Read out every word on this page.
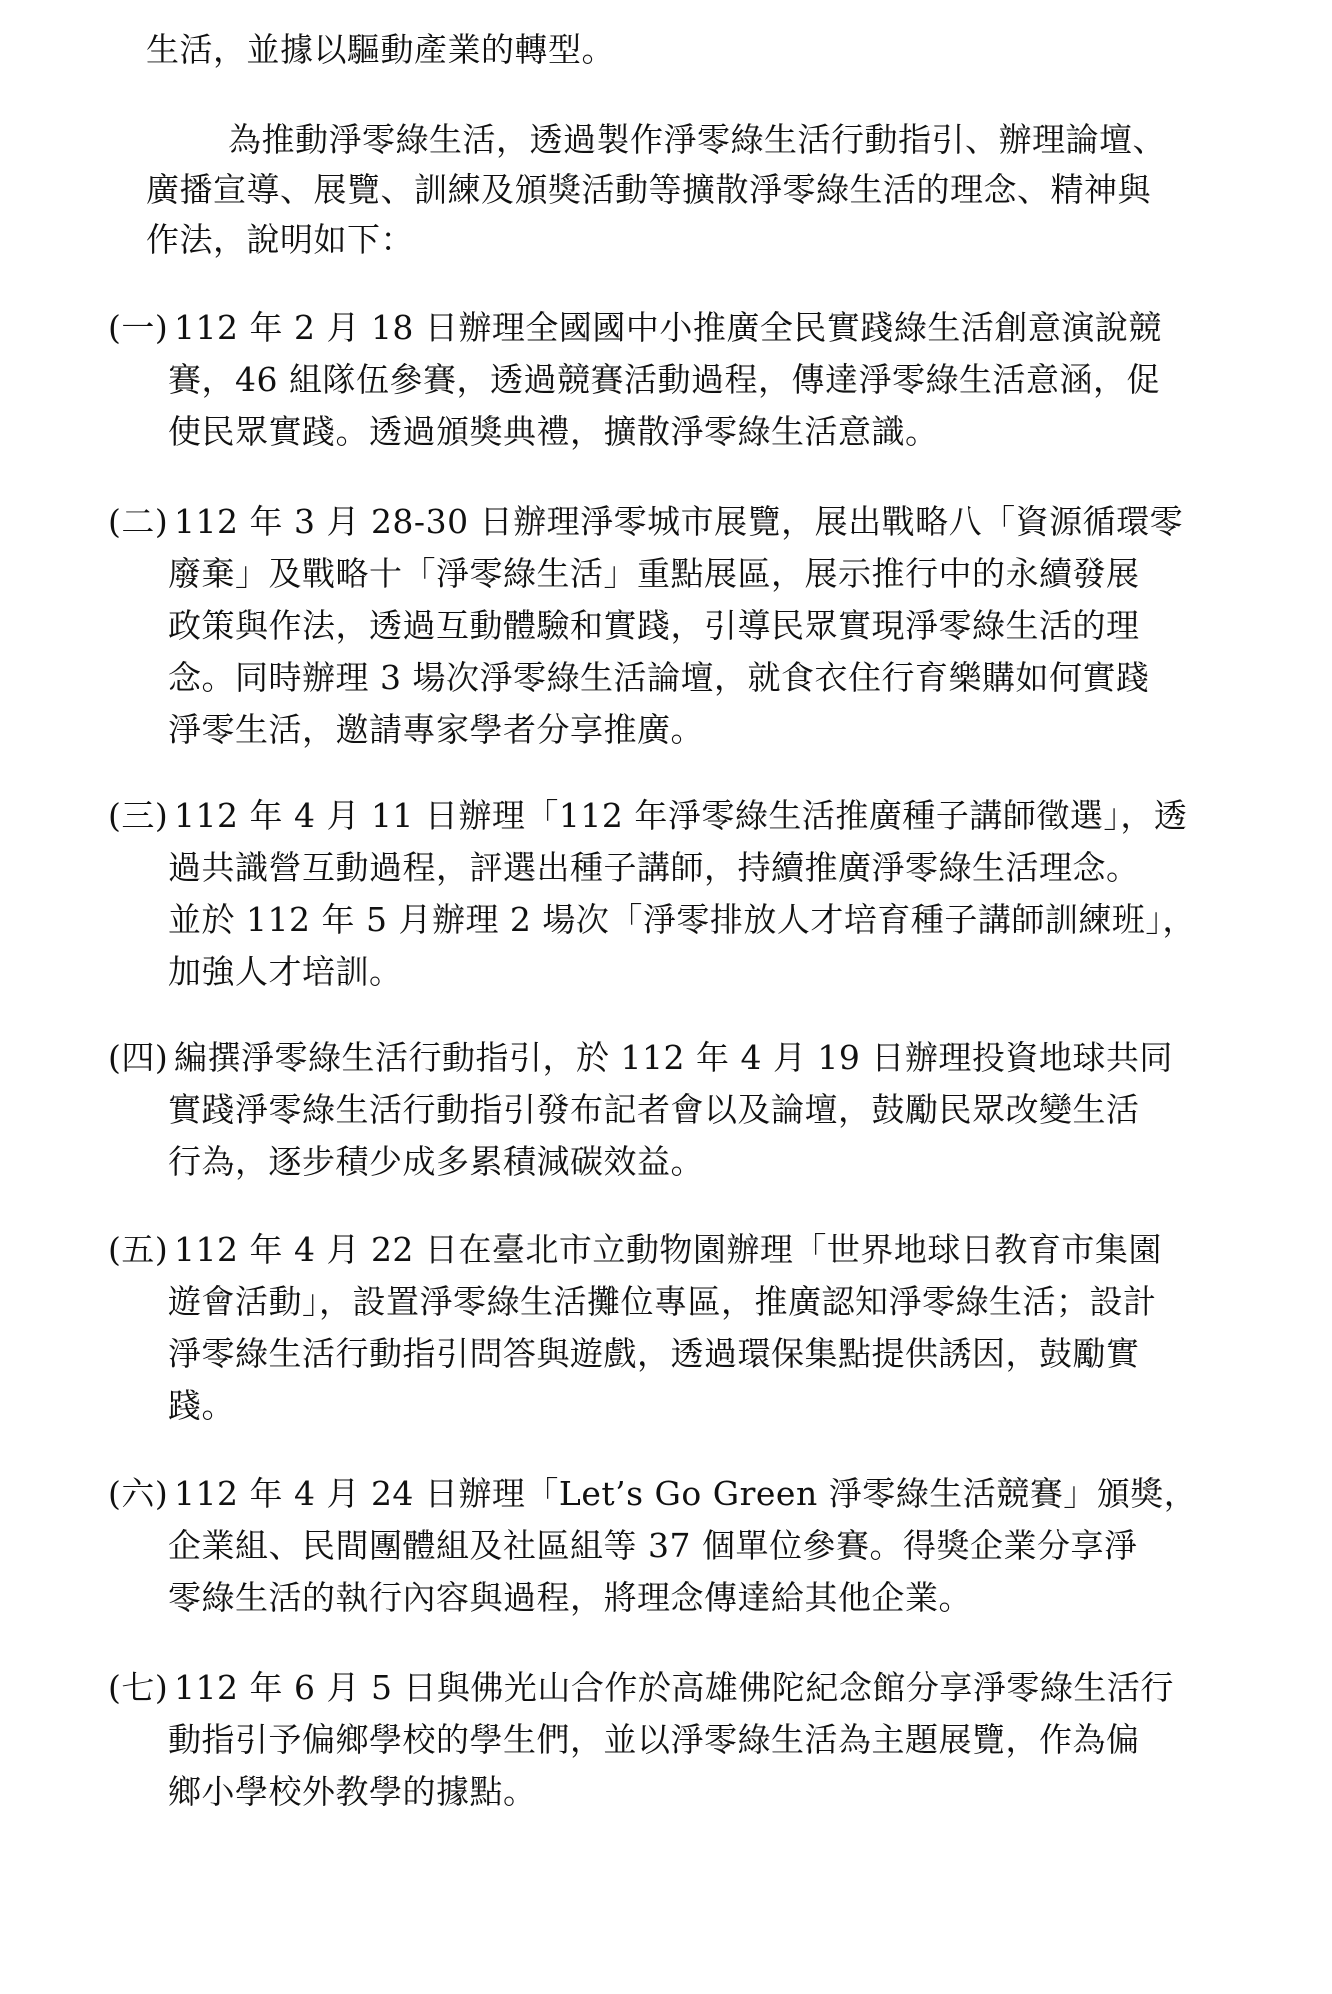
生活，並據以驅動產業的轉型。
為推動淨零綠生活，透過製作淨零綠生活行動指引、辦理論壇、
廣播宣導、展覽、訓練及頒獎活動等擴散淨零綠生活的理念、精神與
作法，說明如下：
(一) 112 年 2 月 18 日辦理全國國中小推廣全民實踐綠生活創意演說競
賽，46 組隊伍參賽，透過競賽活動過程，傳達淨零綠生活意涵，促
使民眾實踐。透過頒獎典禮，擴散淨零綠生活意識。
(二) 112 年 3 月 28-30 日辦理淨零城市展覽，展出戰略八「資源循環零
廢棄」及戰略十「淨零綠生活」重點展區，展示推行中的永續發展
政策與作法，透過互動體驗和實踐，引導民眾實現淨零綠生活的理
念。同時辦理 3 場次淨零綠生活論壇，就食衣住行育樂購如何實踐
淨零生活，邀請專家學者分享推廣。
(三) 112 年 4 月 11 日辦理「112 年淨零綠生活推廣種子講師徵選」，透
過共識營互動過程，評選出種子講師，持續推廣淨零綠生活理念。
並於 112 年 5 月辦理 2 場次「淨零排放人才培育種子講師訓練班」，
加強人才培訓。
(四) 編撰淨零綠生活行動指引，於 112 年 4 月 19 日辦理投資地球共同
實踐淨零綠生活行動指引發布記者會以及論壇，鼓勵民眾改變生活
行為，逐步積少成多累積減碳效益。
(五) 112 年 4 月 22 日在臺北市立動物園辦理「世界地球日教育市集園
遊會活動」，設置淨零綠生活攤位專區，推廣認知淨零綠生活；設計
淨零綠生活行動指引問答與遊戲，透過環保集點提供誘因，鼓勵實
踐。
(六) 112 年 4 月 24 日辦理「Let’s Go Green 淨零綠生活競賽」頒獎，
企業組、民間團體組及社區組等 37 個單位參賽。得獎企業分享淨
零綠生活的執行內容與過程，將理念傳達給其他企業。
(七) 112 年 6 月 5 日與佛光山合作於高雄佛陀紀念館分享淨零綠生活行
動指引予偏鄉學校的學生們，並以淨零綠生活為主題展覽，作為偏
鄉小學校外教學的據點。
